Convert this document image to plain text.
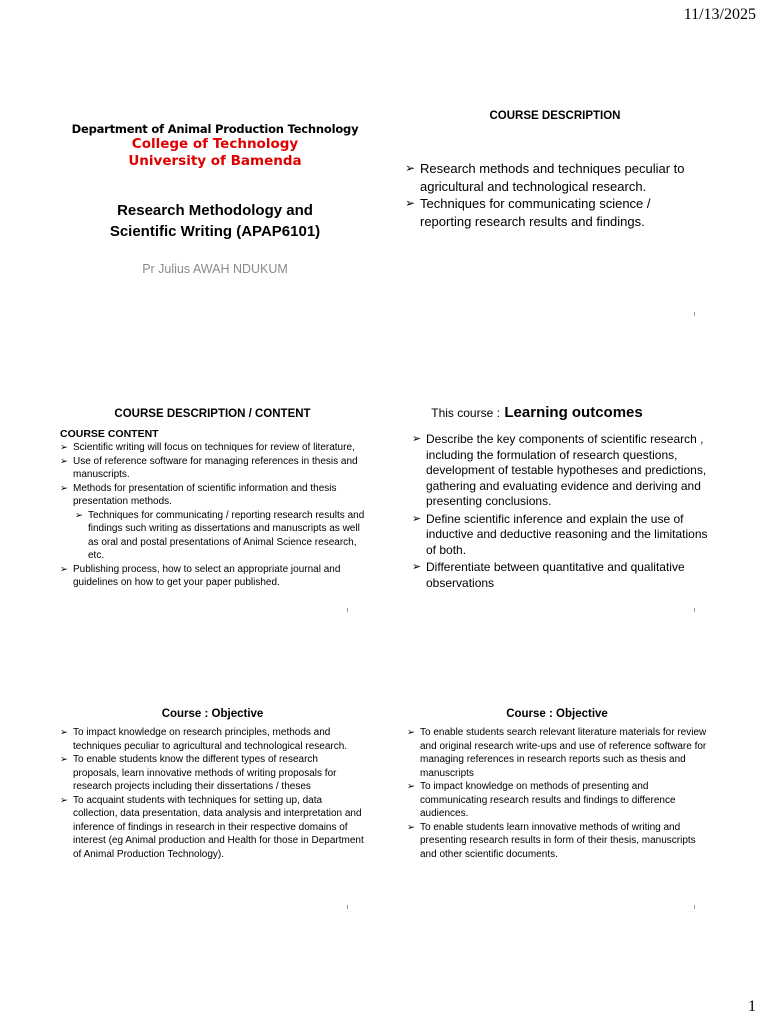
11/13/2025
Department of Animal Production Technology
College of Technology
University of Bamenda
Research Methodology and
Scientific Writing (APAP6101)
Pr Julius AWAH NDUKUM
COURSE DESCRIPTION
➢ Research methods and techniques peculiar to agricultural and technological research.
➢ Techniques for communicating science / reporting research results and findings.
COURSE DESCRIPTION / CONTENT
COURSE CONTENT
➢ Scientific writing will focus on techniques for review of literature,
➢ Use of reference software for managing references in thesis and manuscripts.
➢ Methods for presentation of scientific information and thesis presentation methods.
➢ Techniques for communicating / reporting research results and findings such writing as dissertations and manuscripts as well as oral and postal presentations of Animal Science research, etc.
➢ Publishing process, how to select an appropriate journal and guidelines on how to get your paper published.
This course : Learning outcomes
➢ Describe the key components of scientific research , including the formulation of research questions, development of testable hypotheses and predictions, gathering and evaluating evidence and deriving and presenting conclusions.
➢ Define scientific inference and explain the use of inductive and deductive reasoning and the limitations of both.
➢ Differentiate between quantitative and qualitative observations
Course : Objective
➢ To impact knowledge on research principles, methods and techniques peculiar to agricultural and technological research.
➢ To enable students know the different types of research proposals, learn innovative methods of writing proposals for research projects including their dissertations / theses
➢ To acquaint students with techniques for setting up, data collection, data presentation, data analysis and interpretation and inference of findings in research in their respective domains of interest (eg Animal production and Health for those in Department of Animal Production Technology).
Course : Objective
➢ To enable students search relevant literature materials for review and original research write-ups and use of reference software for managing references in research reports such as thesis and manuscripts
➢ To impact knowledge on methods of presenting and communicating research results and findings to difference audiences.
➢ To enable students learn innovative methods of writing and presenting research results in form of their thesis, manuscripts and other scientific documents.
1
